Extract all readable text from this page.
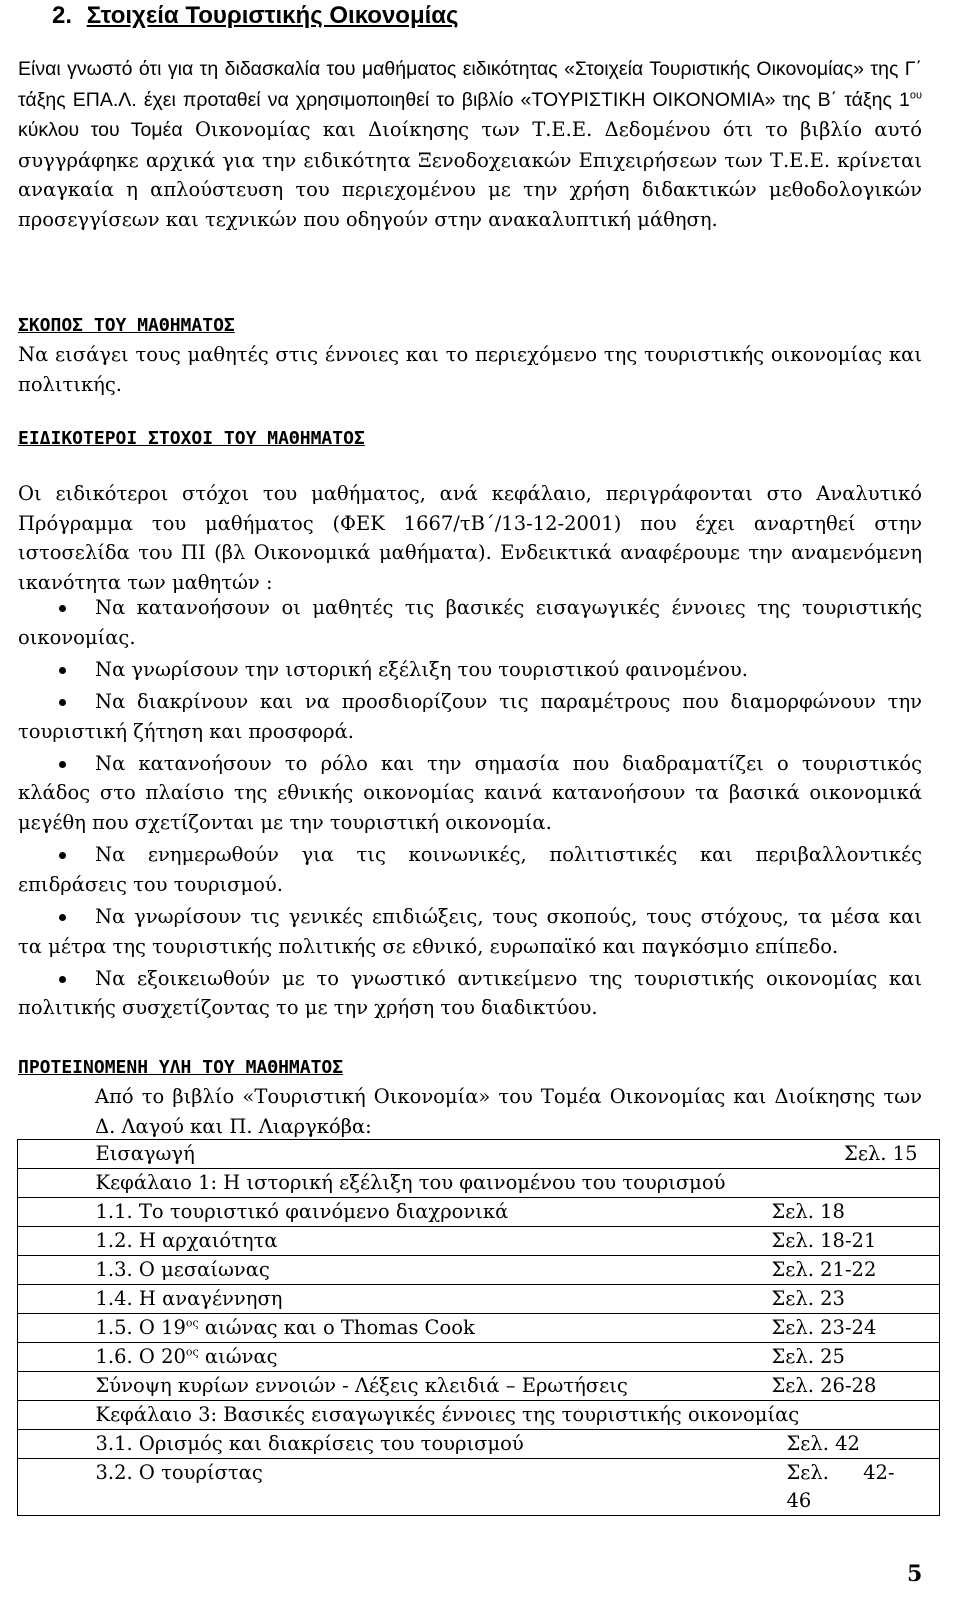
2. Στοιχεία Τουριστικής Οικονομίας
Είναι γνωστό ότι για τη διδασκαλία του μαθήματος ειδικότητας «Στοιχεία Τουριστικής Οικονομίας» της Γ΄ τάξης ΕΠΑ.Λ. έχει προταθεί να χρησιμοποιηθεί το βιβλίο «ΤΟΥΡΙΣΤΙΚΗ ΟΙΚΟΝΟΜΙΑ» της Β΄ τάξης $1^{o\upsilon}$ κύκλου του Τομέα Οικονομίας και Διοίκησης των Τ.Ε.Ε. Δεδομένου ότι το βιβλίο αυτό συγγράφηκε αρχικά για την ειδικότητα Ξενοδοχειακών Επιχειρήσεων των Τ.Ε.Ε. κρίνεται αναγκαία η απλούστευση του περιεχομένου με την χρήση διδακτικών μεθοδολογικών προσεγγίσεων και τεχνικών που οδηγούν στην ανακαλυπτική μάθηση.
ΣΚΟΠΟΣ ΤΟΥ ΜΑΘΗΜΑΤΟΣ
Να εισάγει τους μαθητές στις έννοιες και το περιεχόμενο της τουριστικής οικονομίας και πολιτικής.
ΕΙΔΙΚΟΤΕΡΟΙ ΣΤΟΧΟΙ ΤΟΥ ΜΑΘΗΜΑΤΟΣ
Οι ειδικότεροι στόχοι του μαθήματος, ανά κεφάλαιο, περιγράφονται στο Αναλυτικό Πρόγραμμα του μαθήματος (ΦΕΚ 1667/τΒ΄/13-12-2001) που έχει αναρτηθεί στην ιστοσελίδα του ΠΙ (βλ Οικονομικά μαθήματα). Ενδεικτικά αναφέρουμε την αναμενόμενη ικανότητα των μαθητών :
Να κατανοήσουν οι μαθητές τις βασικές εισαγωγικές έννοιες της τουριστικής οικονομίας.
Να γνωρίσουν την ιστορική εξέλιξη του τουριστικού φαινομένου.
Να διακρίνουν και να προσδιορίζουν τις παραμέτρους που διαμορφώνουν την τουριστική ζήτηση και προσφορά.
Να κατανοήσουν το ρόλο και την σημασία που διαδραματίζει ο τουριστικός κλάδος στο πλαίσιο της εθνικής οικονομίας καινά κατανοήσουν τα βασικά οικονομικά μεγέθη που σχετίζονται με την τουριστική οικονομία.
Να ενημερωθούν για τις κοινωνικές, πολιτιστικές και περιβαλλοντικές επιδράσεις του τουρισμού.
Να γνωρίσουν τις γενικές επιδιώξεις, τους σκοπούς, τους στόχους, τα μέσα και τα μέτρα της τουριστικής πολιτικής σε εθνικό, ευρωπαϊκό και παγκόσμιο επίπεδο.
Να εξοικειωθούν με το γνωστικό αντικείμενο της τουριστικής οικονομίας και πολιτικής συσχετίζοντας το με την χρήση του διαδικτύου.
ΠΡΟΤΕΙΝΟΜΕΝΗ ΥΛΗ ΤΟΥ ΜΑΘΗΜΑΤΟΣ
Από το βιβλίο «Τουριστική Οικονομία» του Τομέα Οικονομίας και Διοίκησης των Δ. Λαγού και Π. Λιαργκόβα:
	Εισαγωγή	Σελ. 15	
	Κεφάλαιο 1: Η ιστορική εξέλιξη του φαινομένου του τουρισμού		
	1.1. Το τουριστικό φαινόμενο διαχρονικά	Σελ. 18	
	1.2. Η αρχαιότητα	Σελ. 18-21	
	1.3. Ο μεσαίωνας	Σελ. 21-22	
	1.4. Η αναγέννηση	Σελ. 23	
	1.5. Ο $19^{o\varsigma}$ αιώνας και ο Thomas Cook	Σελ. 23-24	
	1.6. Ο $20^{o\varsigma}$ αιώνας	Σελ. 25	
	Σύνοψη κυρίων εννοιών - Λέξεις κλειδιά – Ερωτήσεις	Σελ. 26-28	
	Κεφάλαιο 3: Βασικές εισαγωγικές έννοιες της τουριστικής οικονομίας		
	3.1. Ορισμός και διακρίσεις του τουρισμού	Σελ. 42	
	3.2. Ο τουρίστας	Σελ. 42-46	
5
